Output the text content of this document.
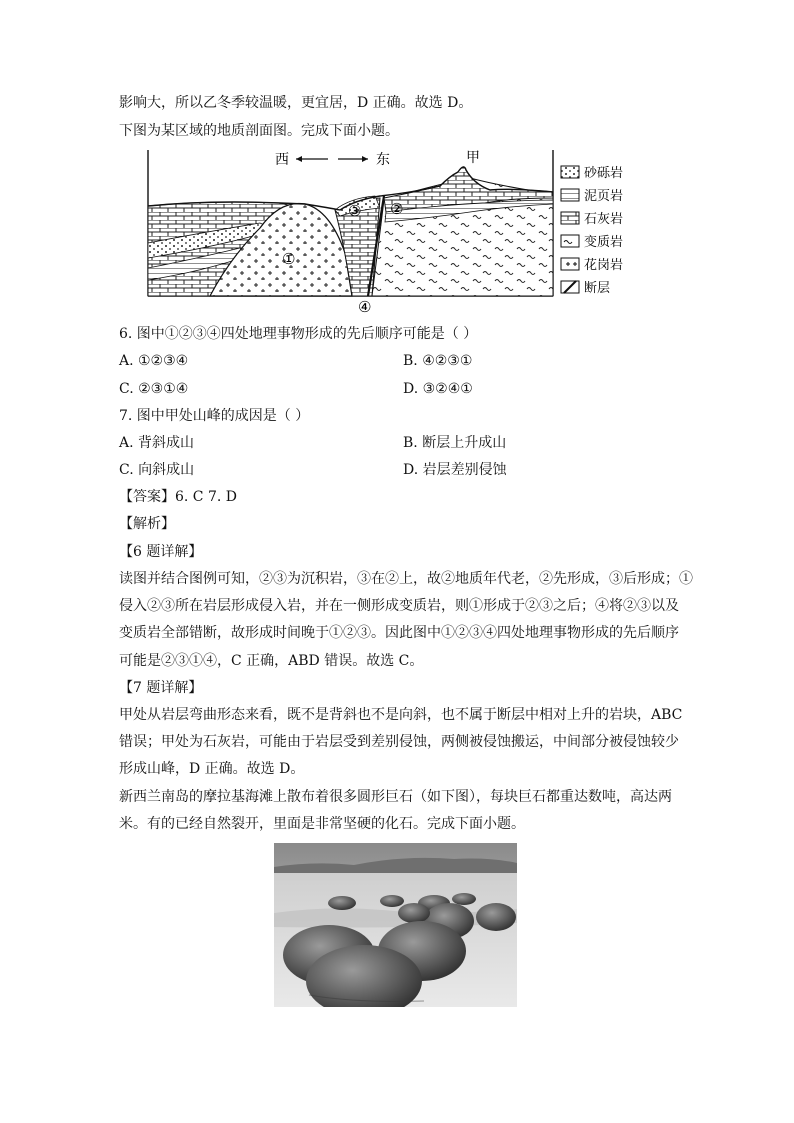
影响大，所以乙冬季较温暖，更宜居，D 正确。故选 D。
下图为某区域的地质剖面图。完成下面小题。
西	东	甲
①
②
③
④
砂砾岩
泥页岩
石灰岩
变质岩
花岗岩
断层
6. 图中①②③④四处地理事物形成的先后顺序可能是（ ）
A. ①②③④	B. ④②③①
C. ②③①④	D. ③②④①
7. 图中甲处山峰的成因是（ ）
A. 背斜成山	B. 断层上升成山
C. 向斜成山	D. 岩层差别侵蚀
【答案】6. C 7. D
【解析】
【6 题详解】
读图并结合图例可知，②③为沉积岩，③在②上，故②地质年代老，②先形成，③后形成；①
侵入②③所在岩层形成侵入岩，并在一侧形成变质岩，则①形成于②③之后；④将②③以及
变质岩全部错断，故形成时间晚于①②③。因此图中①②③④四处地理事物形成的先后顺序
可能是②③①④，C 正确，ABD 错误。故选 C。
【7 题详解】
甲处从岩层弯曲形态来看，既不是背斜也不是向斜，也不属于断层中相对上升的岩块，ABC
错误；甲处为石灰岩，可能由于岩层受到差别侵蚀，两侧被侵蚀搬运，中间部分被侵蚀较少
形成山峰，D 正确。故选 D。
新西兰南岛的摩拉基海滩上散布着很多圆形巨石（如下图），每块巨石都重达数吨，高达两
米。有的已经自然裂开，里面是非常坚硬的化石。完成下面小题。
